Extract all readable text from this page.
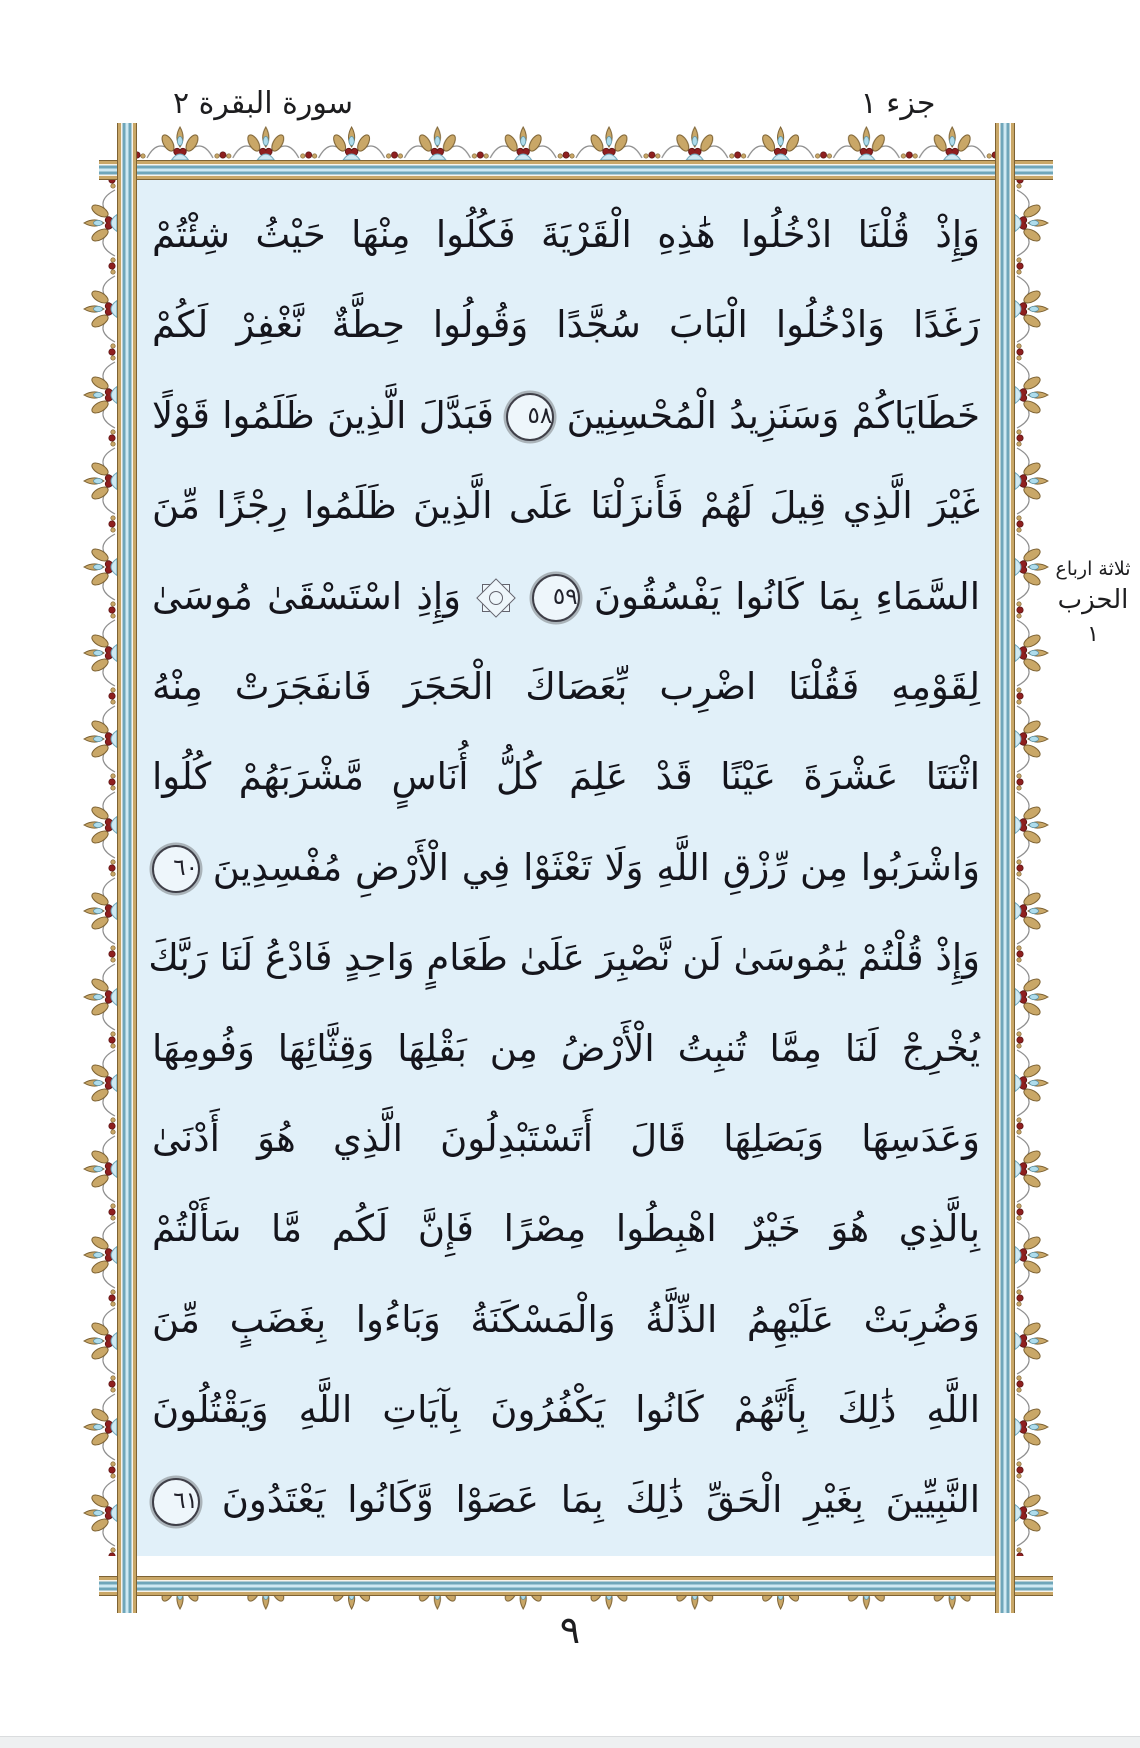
جزء ١
سورة البقرة ٢
وَإِذْ قُلْنَا ادْخُلُوا هَٰذِهِ الْقَرْيَةَ فَكُلُوا مِنْهَا حَيْثُ شِئْتُمْ
رَغَدًا وَادْخُلُوا الْبَابَ سُجَّدًا وَقُولُوا حِطَّةٌ نَّغْفِرْ لَكُمْ
خَطَايَاكُمْ وَسَنَزِيدُ الْمُحْسِنِينَ ٥٨ فَبَدَّلَ الَّذِينَ ظَلَمُوا قَوْلًا
غَيْرَ الَّذِي قِيلَ لَهُمْ فَأَنزَلْنَا عَلَى الَّذِينَ ظَلَمُوا رِجْزًا مِّنَ
السَّمَاءِ بِمَا كَانُوا يَفْسُقُونَ ٥٩
وَإِذِ اسْتَسْقَىٰ مُوسَىٰ
لِقَوْمِهِ فَقُلْنَا اضْرِب بِّعَصَاكَ الْحَجَرَ فَانفَجَرَتْ مِنْهُ
اثْنَتَا عَشْرَةَ عَيْنًا قَدْ عَلِمَ كُلُّ أُنَاسٍ مَّشْرَبَهُمْ كُلُوا
وَاشْرَبُوا مِن رِّزْقِ اللَّهِ وَلَا تَعْثَوْا فِي الْأَرْضِ مُفْسِدِينَ ٦٠
وَإِذْ قُلْتُمْ يَٰمُوسَىٰ لَن نَّصْبِرَ عَلَىٰ طَعَامٍ وَاحِدٍ فَادْعُ لَنَا رَبَّكَ
يُخْرِجْ لَنَا مِمَّا تُنبِتُ الْأَرْضُ مِن بَقْلِهَا وَقِثَّائِهَا وَفُومِهَا
وَعَدَسِهَا وَبَصَلِهَا قَالَ أَتَسْتَبْدِلُونَ الَّذِي هُوَ أَدْنَىٰ
بِالَّذِي هُوَ خَيْرٌ اهْبِطُوا مِصْرًا فَإِنَّ لَكُم مَّا سَأَلْتُمْ
وَضُرِبَتْ عَلَيْهِمُ الذِّلَّةُ وَالْمَسْكَنَةُ وَبَاءُوا بِغَضَبٍ مِّنَ
اللَّهِ ذَٰلِكَ بِأَنَّهُمْ كَانُوا يَكْفُرُونَ بِآيَاتِ اللَّهِ وَيَقْتُلُونَ
النَّبِيِّينَ بِغَيْرِ الْحَقِّ ذَٰلِكَ بِمَا عَصَوْا وَّكَانُوا يَعْتَدُونَ ٦١
ثلاثة ارباع
الحزب
١
٩
